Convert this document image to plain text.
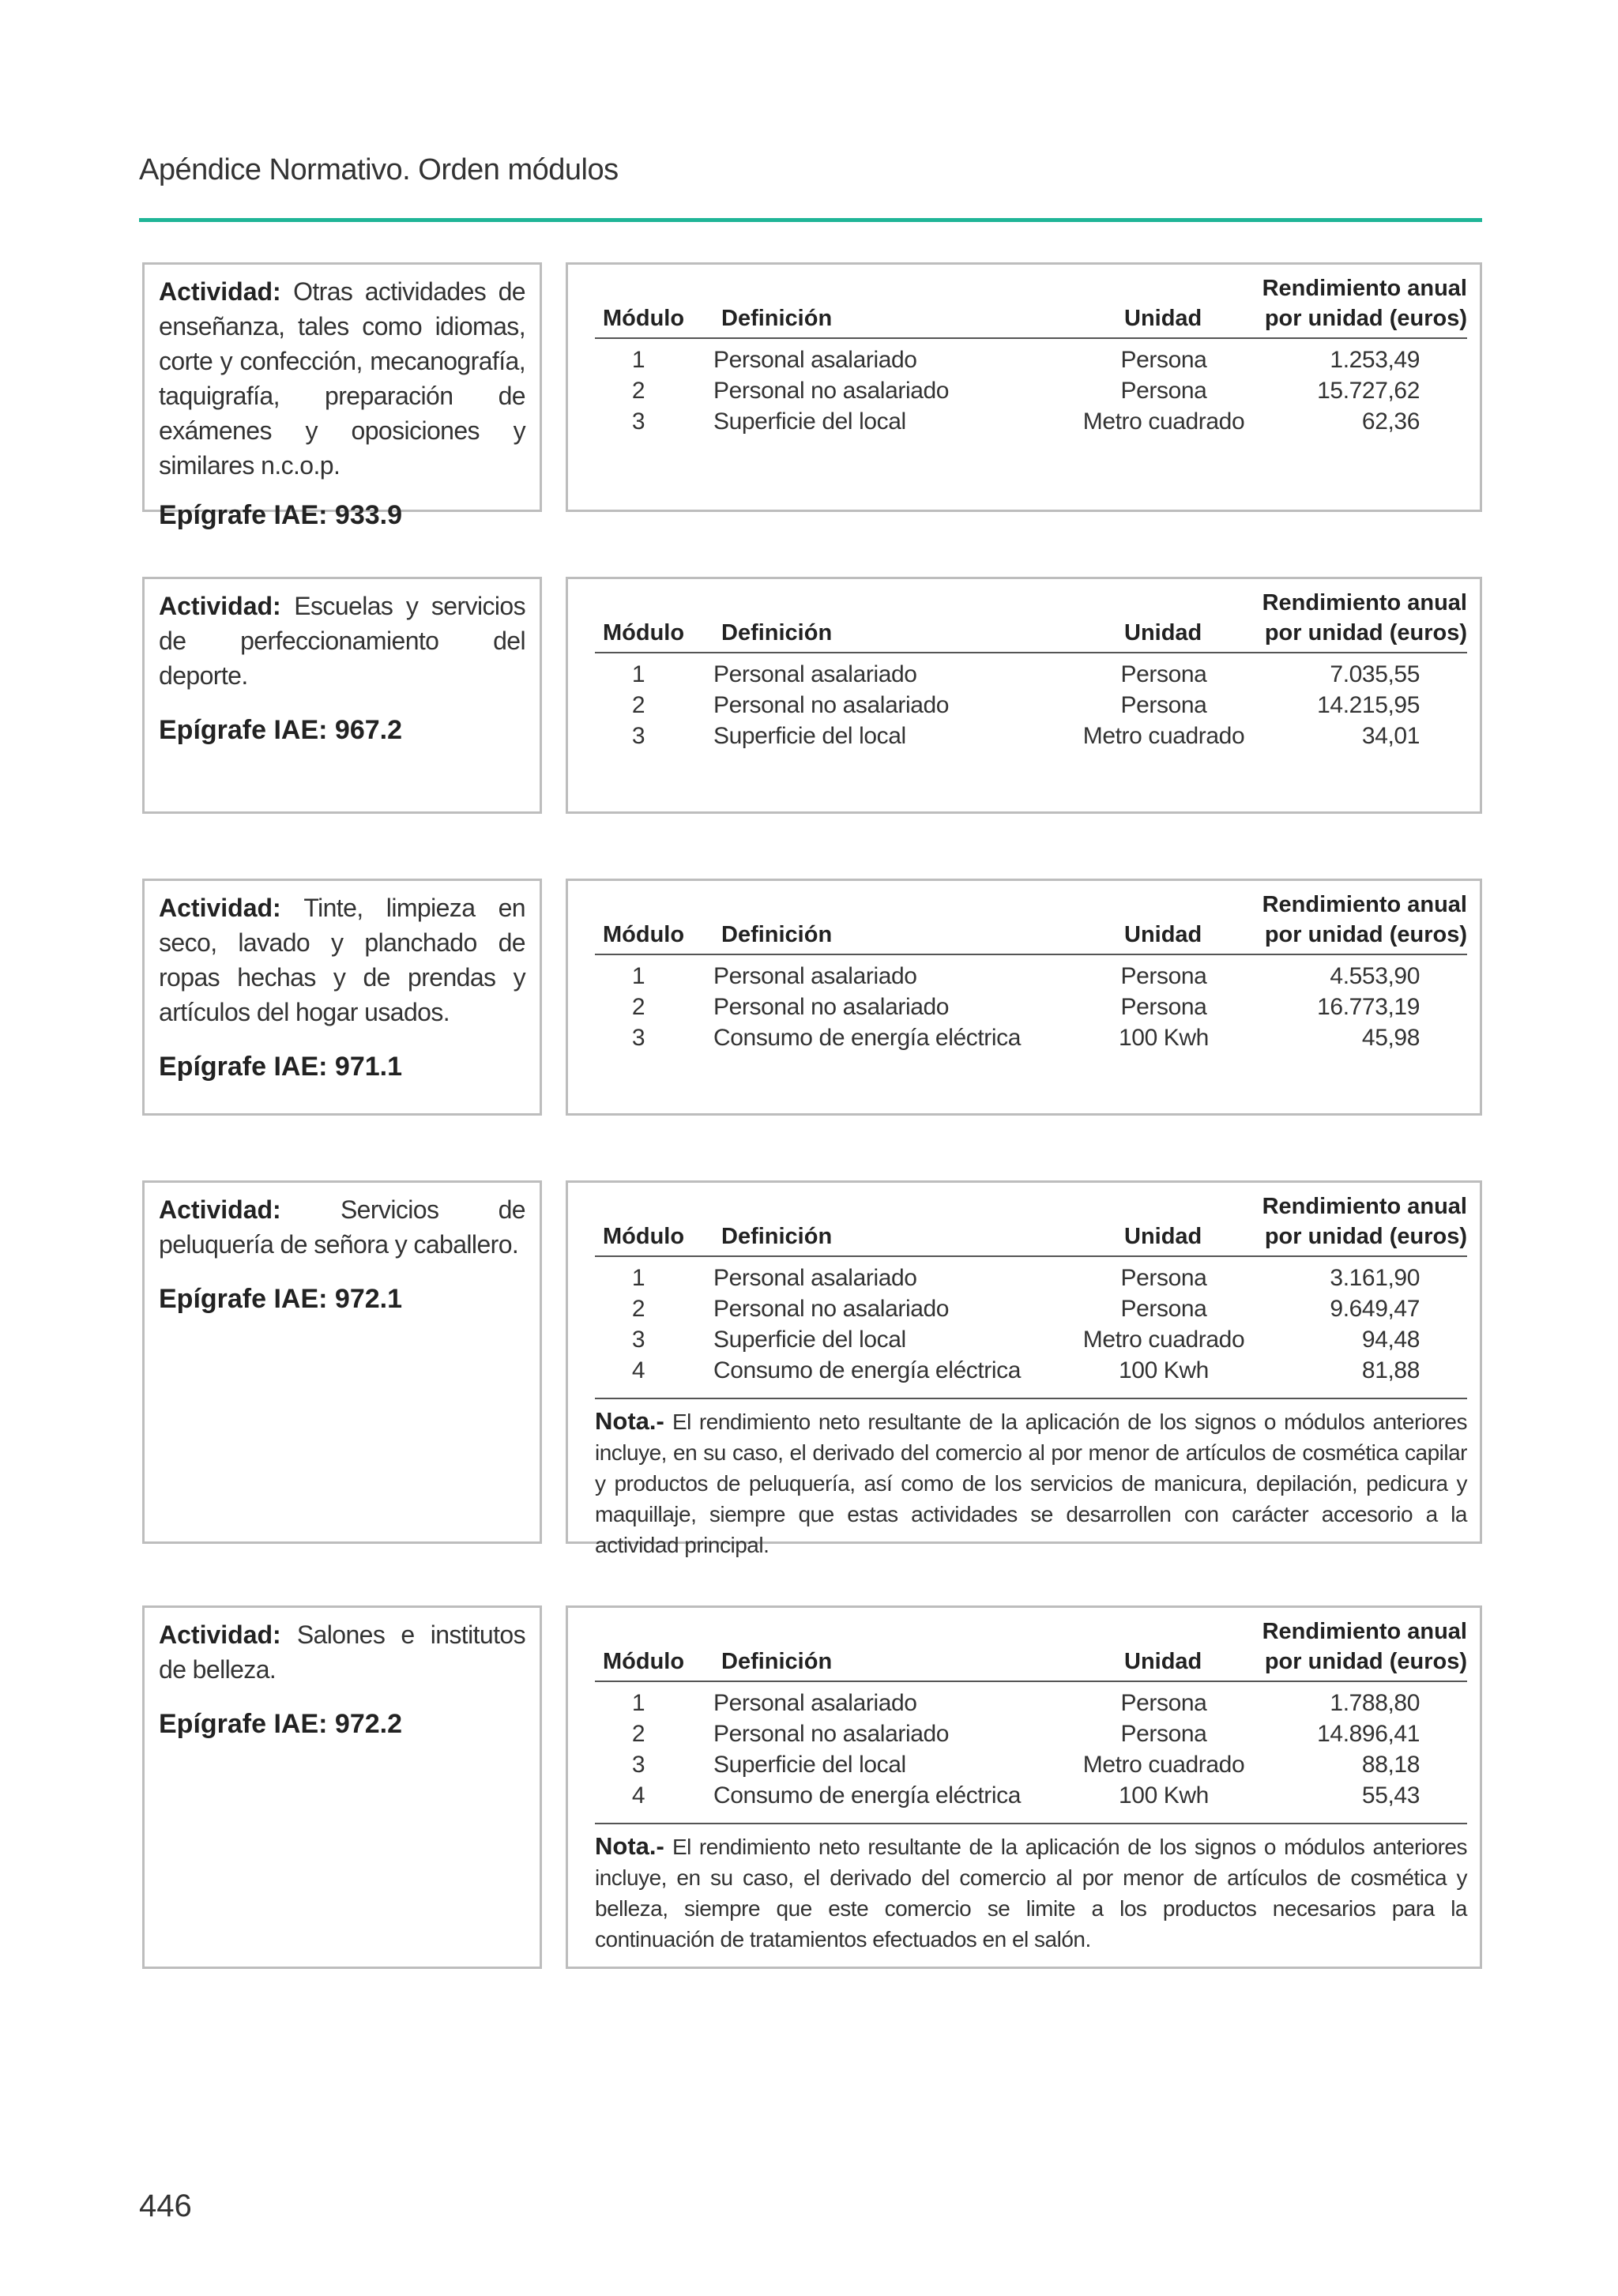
Apéndice Normativo. Orden módulos
Actividad: Otras actividades de enseñanza, tales como idiomas, corte y confección, mecanografía, taquigrafía, preparación de exámenes y oposiciones y similares n.c.o.p.
Epígrafe IAE: 933.9
Rendimiento anual
Módulo Definición	Unidad	por unidad (euros)
1	Personal asalariado	Persona	1.253,49
2	Personal no asalariado	Persona	15.727,62
3	Superficie del local	Metro cuadrado	62,36
Actividad: Escuelas y servicios de perfeccionamiento del deporte.
Epígrafe IAE: 967.2
Rendimiento anual
Módulo Definición	Unidad	por unidad (euros)
1	Personal asalariado	Persona	7.035,55
2	Personal no asalariado	Persona	14.215,95
3	Superficie del local	Metro cuadrado	34,01
Actividad: Tinte, limpieza en seco, lavado y planchado de ropas hechas y de prendas y artículos del hogar usados.
Epígrafe IAE: 971.1
Rendimiento anual
Módulo Definición	Unidad	por unidad (euros)
1	Personal asalariado	Persona	4.553,90
2	Personal no asalariado	Persona	16.773,19
3	Consumo de energía eléctrica	100 Kwh	45,98
Actividad: Servicios de peluquería de señora y caballero.
Epígrafe IAE: 972.1
Rendimiento anual
Módulo Definición	Unidad	por unidad (euros)
1	Personal asalariado	Persona	3.161,90
2	Personal no asalariado	Persona	9.649,47
3	Superficie del local	Metro cuadrado	94,48
4	Consumo de energía eléctrica	100 Kwh	81,88
Nota.- El rendimiento neto resultante de la aplicación de los signos o módulos anteriores incluye, en su caso, el derivado del comercio al por menor de artículos de cosmética capilar y productos de peluquería, así como de los servicios de manicura, depilación, pedicura y maquillaje, siempre que estas actividades se desarrollen con carácter accesorio a la actividad principal.
Actividad: Salones e institutos de belleza.
Epígrafe IAE: 972.2
Rendimiento anual
Módulo Definición	Unidad	por unidad (euros)
1	Personal asalariado	Persona	1.788,80
2	Personal no asalariado	Persona	14.896,41
3	Superficie del local	Metro cuadrado	88,18
4	Consumo de energía eléctrica	100 Kwh	55,43
Nota.- El rendimiento neto resultante de la aplicación de los signos o módulos anteriores incluye, en su caso, el derivado del comercio al por menor de artículos de cosmética y belleza, siempre que este comercio se limite a los productos necesarios para la continuación de tratamientos efectuados en el salón.
446
